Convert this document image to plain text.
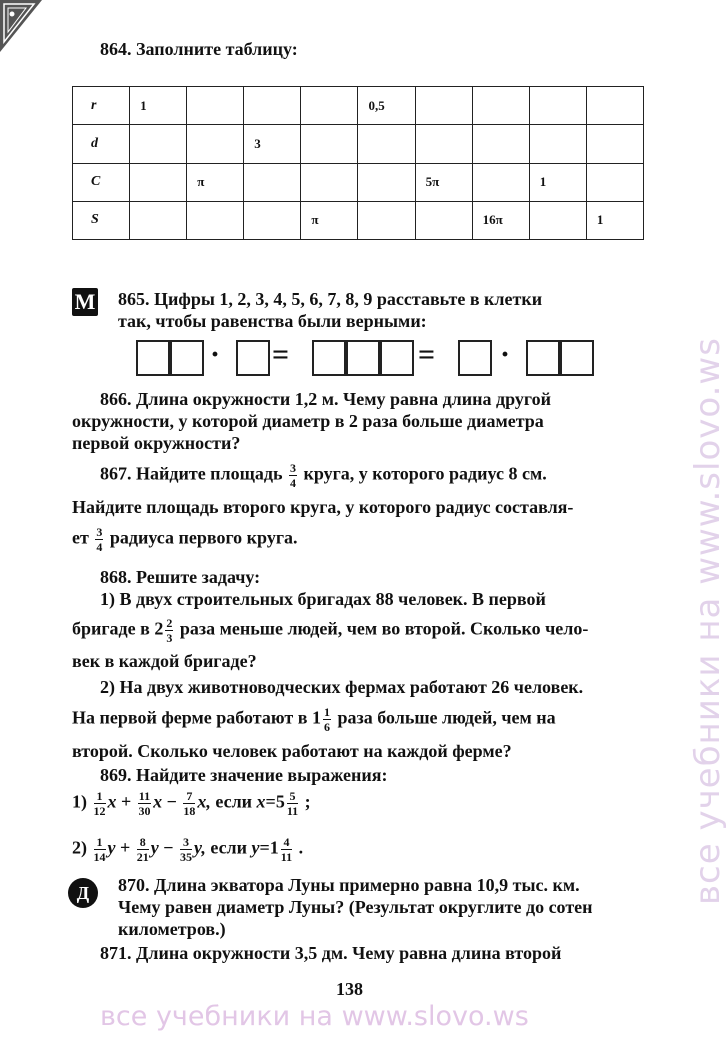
864. Заполните таблицу:
r	1				0,5				
d			3						
C		π				5π		1	
S				π			16π		1
М 865. Цифры 1, 2, 3, 4, 5, 6, 7, 8, 9 расставьте в клетки
так, чтобы равенства были верными:
· =	= ·
866. Длина окружности 1,2 м. Чему равна длина другой
окружности, у которой диаметр в 2 раза больше диаметра
первой окружности?
867. Найдите площадь $\frac{3}{4}$ круга, у которого радиус 8 см.
Найдите площадь второго круга, у которого радиус составля-
ет $\frac{3}{4}$ радиуса первого круга.
868. Решите задачу:
1) В двух строительных бригадах 88 человек. В первой
бригаде в $2 \frac{2}{3}$ раза меньше людей, чем во второй. Сколько чело-
век в каждой бригаде?
2) На двух животноводческих фермах работают 26 человек.
На первой ферме работают в $1 \frac{1}{6}$ раза больше людей, чем на
второй. Сколько человек работают на каждой ферме?
869. Найдите значение выражения:
$1) \frac{1}{12}$ $x + \frac{11}{30}$ $x - \frac{7}{18} x$, если $x=5 \frac{5}{11}$ ;
$2) \frac{1}{14}$ $y + \frac{8}{21}$ $y - \frac{3}{35} y$, если $y=1 \frac{4}{11}$ .
Д	870. Длина экватора Луны примерно равна 10,9 тыс. км.
Чему равен диаметр Луны? (Результат округлите до сотен
километров.)
871. Длина окружности 3,5 дм. Чему равна длина второй
138
все учебники на www.slovo.ws
все учебники на www.slovo.ws
